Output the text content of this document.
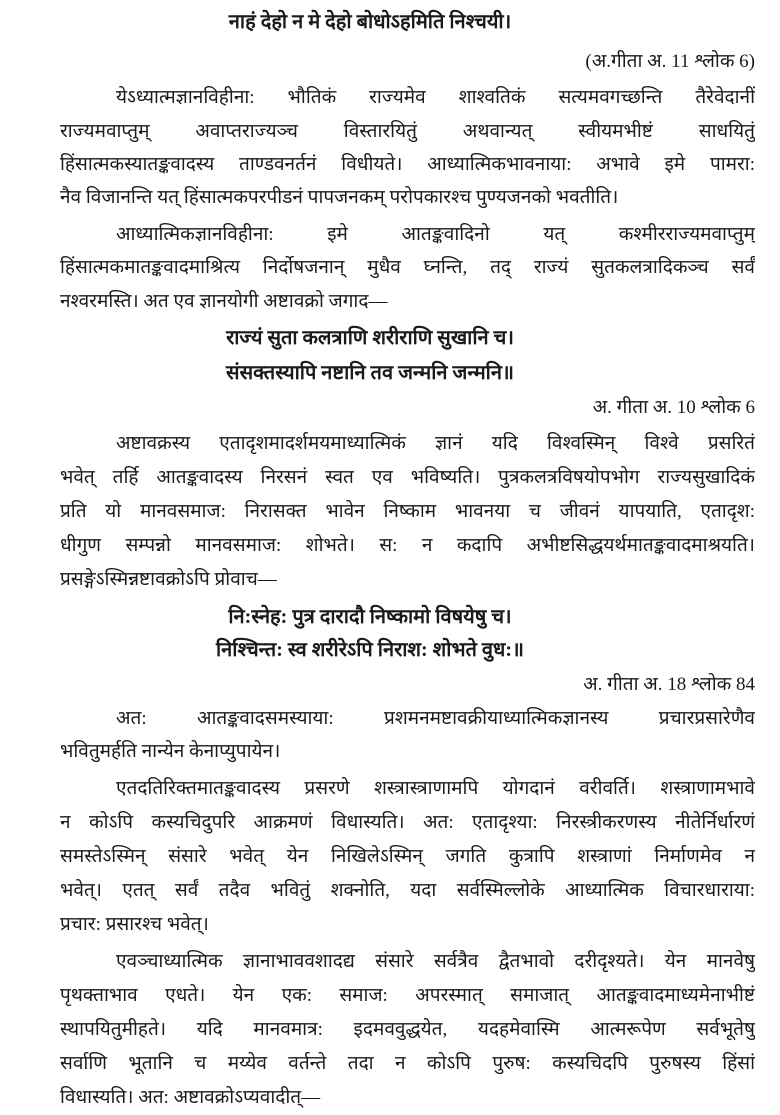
नाहं देहो न मे देहो बोधोऽहमिति निश्चयी।
(अ.गीता अ. 11 श्लोक 6)
येऽध्यात्मज्ञानविहीना: भौतिकं राज्यमेव शाश्वतिकं सत्यमवगच्छन्ति तैरेवेदानीं
राज्यमवाप्तुम् अवाप्तराज्यञ्च विस्तारयितुं अथवान्यत् स्वीयमभीष्टं साधयितुं
हिंसात्मकस्यातङ्कवादस्य ताण्डवनर्तनं विधीयते। आध्यात्मिकभावनाया: अभावे इमे पामरा:
नैव विजानन्ति यत् हिंसात्मकपरपीडनं पापजनकम् परोपकारश्च पुण्यजनको भवतीति।
आध्यात्मिकज्ञानविहीना: इमे आतङ्कवादिनो यत् कश्मीरराज्यमवाप्तुम्
हिंसात्मकमातङ्कवादमाश्रित्य निर्दोषजनान् मुधैव घ्नन्ति, तद् राज्यं सुतकलत्रादिकञ्च सर्वं
नश्वरमस्ति। अत एव ज्ञानयोगी अष्टावक्रो जगाद—
राज्यं सुता कलत्राणि शरीराणि सुखानि च।
संसक्तस्यापि नष्टानि तव जन्मनि जन्मनि॥
अ. गीता अ. 10 श्लोक 6
अष्टावक्रस्य एतादृशमादर्शमयमाध्यात्मिकं ज्ञानं यदि विश्वस्मिन् विश्वे प्रसरितं
भवेत् तर्हि आतङ्कवादस्य निरसनं स्वत एव भविष्यति। पुत्रकलत्रविषयोपभोग राज्यसुखादिकं
प्रति यो मानवसमाज: निरासक्त भावेन निष्काम भावनया च जीवनं यापयाति, एतादृश:
धीगुण सम्पन्नो मानवसमाज: शोभते। स: न कदापि अभीष्टसिद्धयर्थमातङ्कवादमाश्रयति।
प्रसङ्गेऽस्मिन्नष्टावक्रोऽपि प्रोवाच—
नि:स्नेह: पुत्र दारादौ निष्कामो विषयेषु च।
निश्चिन्त: स्व शरीरेऽपि निराश: शोभते वुध:॥
अ. गीता अ. 18 श्लोक 84
अत: आतङ्कवादसमस्याया: प्रशमनमष्टावक्रीयाध्यात्मिकज्ञानस्य प्रचारप्रसारेणैव
भवितुमर्हति नान्येन केनाप्युपायेन।
एतदतिरिक्तमातङ्कवादस्य प्रसरणे शस्त्रास्त्राणामपि योगदानं वरीवर्ति। शस्त्राणामभावे
न कोऽपि कस्यचिदुपरि आक्रमणं विधास्यति। अत: एतादृश्या: निरस्त्रीकरणस्य नीतेर्निर्धारणं
समस्तेऽस्मिन् संसारे भवेत् येन निखिलेऽस्मिन् जगति कुत्रापि शस्त्राणां निर्माणमेव न
भवेत्। एतत् सर्वं तदैव भवितुं शक्नोति, यदा सर्वस्मिल्लोके आध्यात्मिक विचारधाराया:
प्रचार: प्रसारश्च भवेत्।
एवञ्चाध्यात्मिक ज्ञानाभाववशादद्य संसारे सर्वत्रैव द्वैतभावो दरीदृश्यते। येन मानवेषु
पृथक्ताभाव एधते। येन एक: समाज: अपरस्मात् समाजात् आतङ्कवादमाध्यमेनाभीष्टं
स्थापयितुमीहते। यदि मानवमात्र: इदमववुद्धयेत, यदहमेवास्मि आत्मरूपेण सर्वभूतेषु
सर्वाणि भूतानि च मय्येव वर्तन्ते तदा न कोऽपि पुरुष: कस्यचिदपि पुरुषस्य हिंसां
विधास्यति। अत: अष्टावक्रोऽप्यवादीत्—
